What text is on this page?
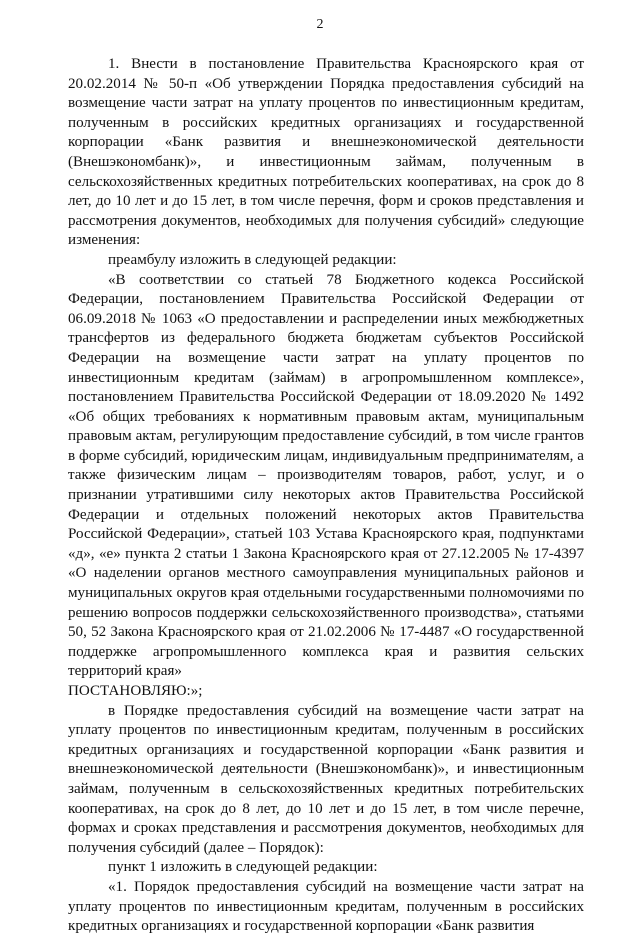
2

1. Внести в постановление Правительства Красноярского края от 20.02.2014 № 50-п «Об утверждении Порядка предоставления субсидий на возмещение части затрат на уплату процентов по инвестиционным кредитам, полученным в российских кредитных организациях и государственной корпорации «Банк развития и внешнеэкономической деятельности (Внешэкономбанк)», и инвестиционным займам, полученным в сельскохозяйственных кредитных потребительских кооперативах, на срок до 8 лет, до 10 лет и до 15 лет, в том числе перечня, форм и сроков представления и рассмотрения документов, необходимых для получения субсидий» следующие изменения:

преамбулу изложить в следующей редакции:

«В соответствии со статьей 78 Бюджетного кодекса Российской Федерации, постановлением Правительства Российской Федерации от 06.09.2018 № 1063 «О предоставлении и распределении иных межбюджетных трансфертов из федерального бюджета бюджетам субъектов Российской Федерации на возмещение части затрат на уплату процентов по инвестиционным кредитам (займам) в агропромышленном комплексе», постановлением Правительства Российской Федерации от 18.09.2020 № 1492 «Об общих требованиях к нормативным правовым актам, муниципальным правовым актам, регулирующим предоставление субсидий, в том числе грантов в форме субсидий, юридическим лицам, индивидуальным предпринимателям, а также физическим лицам – производителям товаров, работ, услуг, и о признании утратившими силу некоторых актов Правительства Российской Федерации и отдельных положений некоторых актов Правительства Российской Федерации», статьей 103 Устава Красноярского края, подпунктами «д», «е» пункта 2 статьи 1 Закона Красноярского края от 27.12.2005 № 17-4397 «О наделении органов местного самоуправления муниципальных районов и муниципальных округов края отдельными государственными полномочиями по решению вопросов поддержки сельскохозяйственного производства», статьями 50, 52 Закона Красноярского края от 21.02.2006 № 17-4487 «О государственной поддержке агропромышленного комплекса края и развития сельских территорий края»

ПОСТАНОВЛЯЮ:»;

в Порядке предоставления субсидий на возмещение части затрат на уплату процентов по инвестиционным кредитам, полученным в российских кредитных организациях и государственной корпорации «Банк развития и внешнеэкономической деятельности (Внешэкономбанк)», и инвестиционным займам, полученным в сельскохозяйственных кредитных потребительских кооперативах, на срок до 8 лет, до 10 лет и до 15 лет, в том числе перечне, формах и сроках представления и рассмотрения документов, необходимых для получения субсидий (далее – Порядок):

пункт 1 изложить в следующей редакции:

«1. Порядок предоставления субсидий на возмещение части затрат на уплату процентов по инвестиционным кредитам, полученным в российских кредитных организациях и государственной корпорации «Банк развития
